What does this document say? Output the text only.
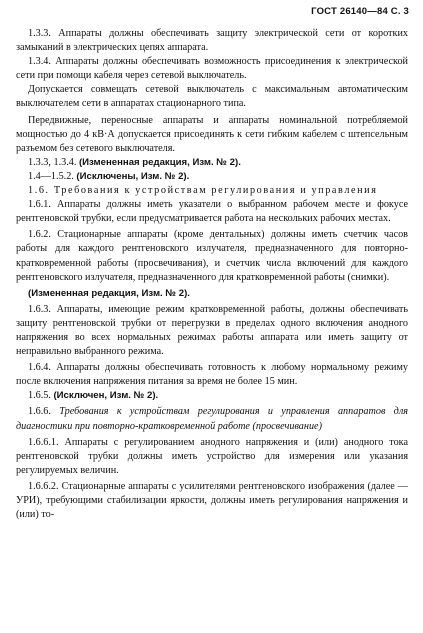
ГОСТ 26140—84 С. 3

1.3.3. Аппараты должны обеспечивать защиту электрической сети от коротких замыканий в электрических цепях аппарата.

1.3.4. Аппараты должны обеспечивать возможность присоединения к электрической сети при помощи кабеля через сетевой выключатель.

Допускается совмещать сетевой выключатель с максимальным автоматическим выключателем сети в аппаратах стационарного типа.

Передвижные, переносные аппараты и аппараты номинальной потребляемой мощностью до 4 кВ·А допускается присоединять к сети гибким кабелем с штепсельным разъемом без сетевого выключателя.

1.3.3, 1.3.4. (Измененная редакция, Изм. № 2).

1.4—1.5.2. (Исключены, Изм. № 2).

1.6. Требования к устройствам регулирования и управления

1.6.1. Аппараты должны иметь указатели о выбранном рабочем месте и фокусе рентгеновской трубки, если предусматривается работа на нескольких рабочих местах.

1.6.2. Стационарные аппараты (кроме дентальных) должны иметь счетчик часов работы для каждого рентгеновского излучателя, предназначенного для повторно-кратковременной работы (просвечивания), и счетчик числа включений для каждого рентгеновского излучателя, предназначенного для кратковременной работы (снимки).

(Измененная редакция, Изм. № 2).

1.6.3. Аппараты, имеющие режим кратковременной работы, должны обеспечивать защиту рентгеновской трубки от перегрузки в пределах одного включения анодного напряжения во всех нормальных режимах работы аппарата или иметь защиту от неправильно выбранного режима.

1.6.4. Аппараты должны обеспечивать готовность к любому нормальному режиму после включения напряжения питания за время не более 15 мин.

1.6.5. (Исключен, Изм. № 2).

1.6.6. Требования к устройствам регулирования и управления аппаратов для диагностики при повторно-кратковременной работе (просвечивание)

1.6.6.1. Аппараты с регулированием анодного напряжения и (или) анодного тока рентгеновской трубки должны иметь устройство для измерения или указания регулируемых величин.

1.6.6.2. Стационарные аппараты с усилителями рентгеновского изображения (далее — УРИ), требующими стабилизации яркости, должны иметь регулирования напряжения и (или) то-
